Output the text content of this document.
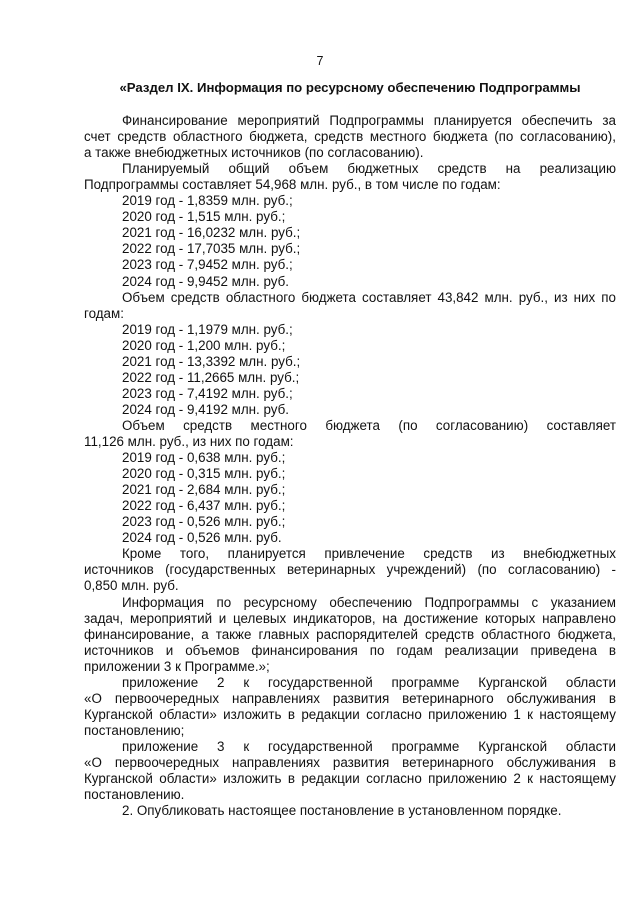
7
«Раздел IX. Информация по ресурсному обеспечению Подпрограммы
Финансирование мероприятий Подпрограммы планируется обеспечить за
счет средств областного бюджета, средств местного бюджета (по согласованию),
а также внебюджетных источников (по согласованию).
Планируемый общий объем бюджетных средств на реализацию
Подпрограммы составляет 54,968 млн. руб., в том числе по годам:
2019 год - 1,8359 млн. руб.;
2020 год - 1,515 млн. руб.;
2021 год - 16,0232 млн. руб.;
2022 год - 17,7035 млн. руб.;
2023 год - 7,9452 млн. руб.;
2024 год - 9,9452 млн. руб.
Объем средств областного бюджета составляет 43,842 млн. руб., из них по
годам:
2019 год - 1,1979 млн. руб.;
2020 год - 1,200 млн. руб.;
2021 год - 13,3392 млн. руб.;
2022 год - 11,2665 млн. руб.;
2023 год - 7,4192 млн. руб.;
2024 год - 9,4192 млн. руб.
Объем средств местного бюджета (по согласованию) составляет
11,126 млн. руб., из них по годам:
2019 год - 0,638 млн. руб.;
2020 год - 0,315 млн. руб.;
2021 год - 2,684 млн. руб.;
2022 год - 6,437 млн. руб.;
2023 год - 0,526 млн. руб.;
2024 год - 0,526 млн. руб.
Кроме того, планируется привлечение средств из внебюджетных
источников (государственных ветеринарных учреждений) (по согласованию) -
0,850 млн. руб.
Информация по ресурсному обеспечению Подпрограммы с указанием
задач, мероприятий и целевых индикаторов, на достижение которых направлено
финансирование, а также главных распорядителей средств областного бюджета,
источников и объемов финансирования по годам реализации приведена в
приложении 3 к Программе.»;
приложение 2 к государственной программе Курганской области
«О первоочередных направлениях развития ветеринарного обслуживания в
Курганской области» изложить в редакции согласно приложению 1 к настоящему
постановлению;
приложение 3 к государственной программе Курганской области
«О первоочередных направлениях развития ветеринарного обслуживания в
Курганской области» изложить в редакции согласно приложению 2 к настоящему
постановлению.
2. Опубликовать настоящее постановление в установленном порядке.
